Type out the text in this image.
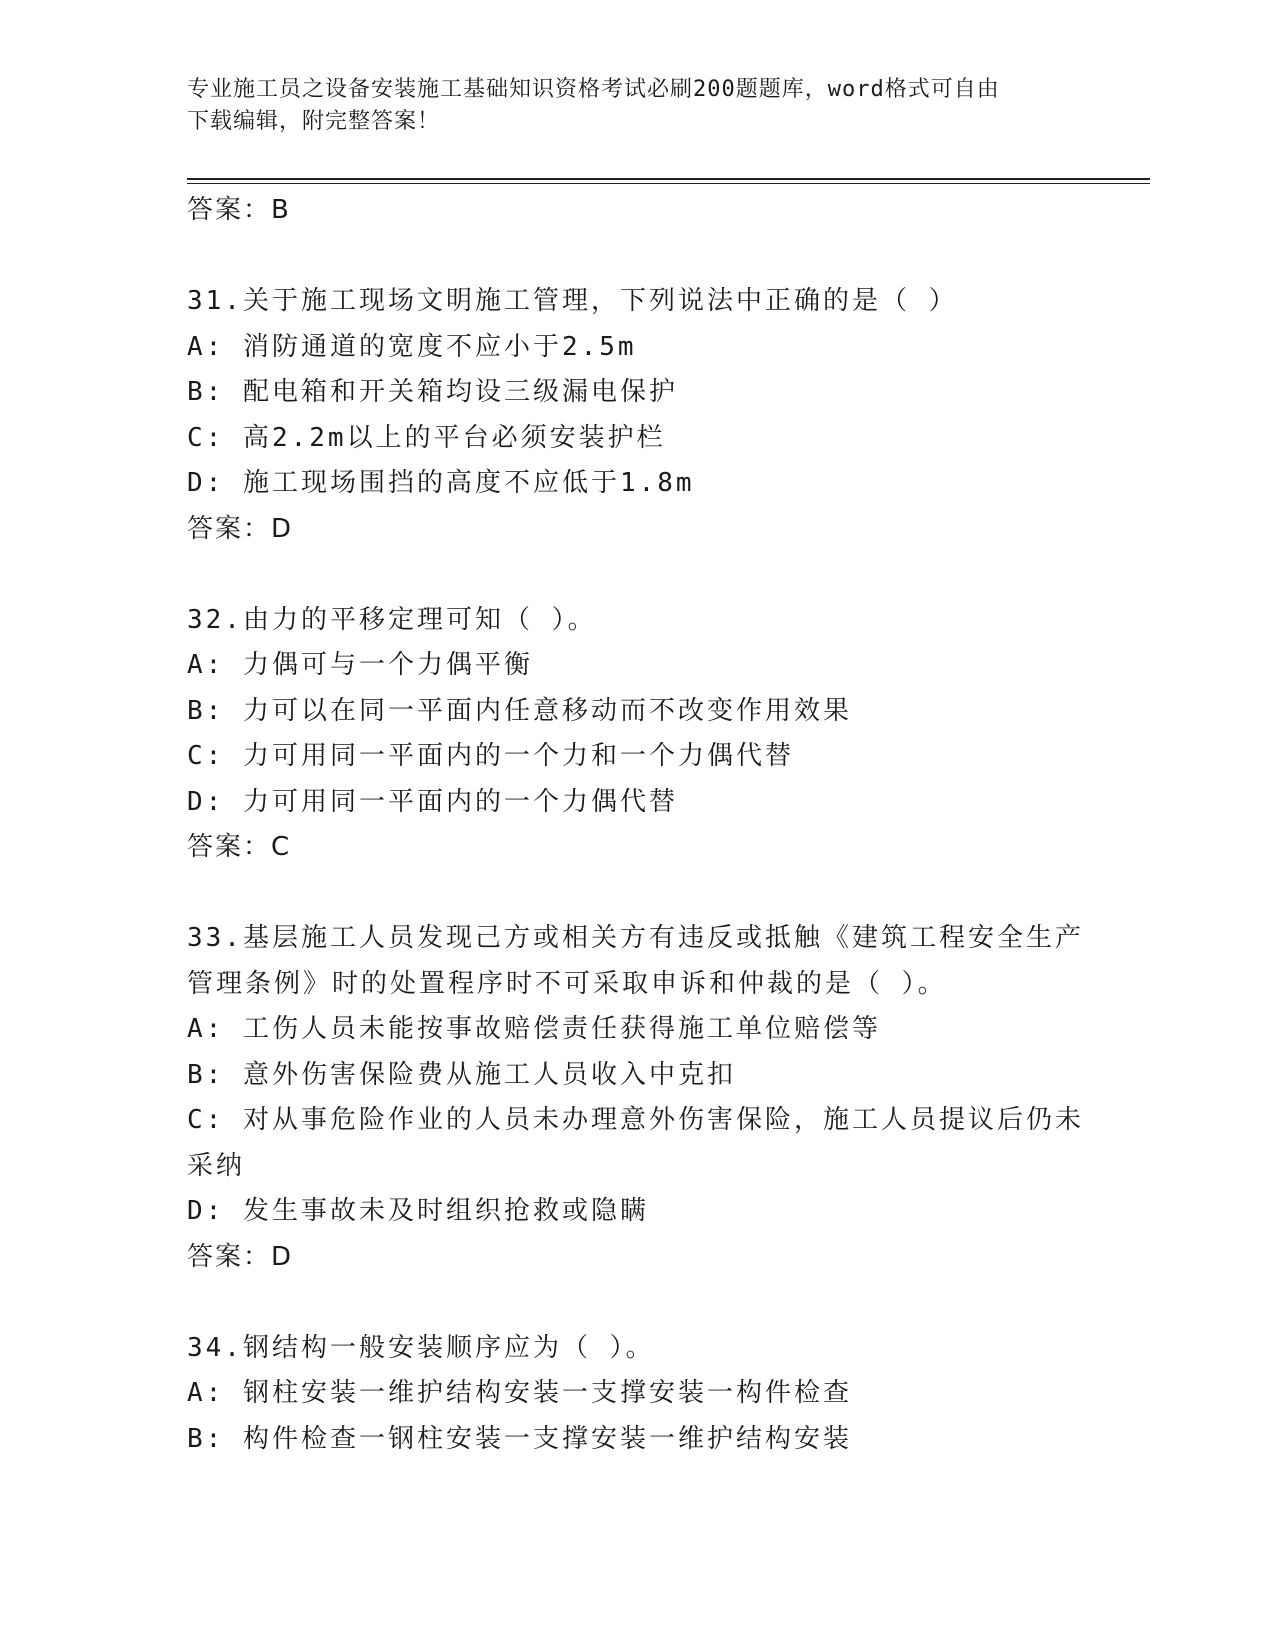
专业施工员之设备安装施工基础知识资格考试必刷200题题库，word格式可自由
下载编辑，附完整答案！
答案：B
31.关于施工现场文明施工管理，下列说法中正确的是（ ）
A: 消防通道的宽度不应小于2.5m
B: 配电箱和开关箱均设三级漏电保护
C: 高2.2m以上的平台必须安装护栏
D: 施工现场围挡的高度不应低于1.8m
答案：D
32.由力的平移定理可知（ ）。
A: 力偶可与一个力偶平衡
B: 力可以在同一平面内任意移动而不改变作用效果
C: 力可用同一平面内的一个力和一个力偶代替
D: 力可用同一平面内的一个力偶代替
答案：C
33.基层施工人员发现己方或相关方有违反或抵触《建筑工程安全生产
管理条例》时的处置程序时不可采取申诉和仲裁的是（ ）。
A: 工伤人员未能按事故赔偿责任获得施工单位赔偿等
B: 意外伤害保险费从施工人员收入中克扣
C: 对从事危险作业的人员未办理意外伤害保险，施工人员提议后仍未
采纳
D: 发生事故未及时组织抢救或隐瞒
答案：D
34.钢结构一般安装顺序应为（ ）。
A: 钢柱安装一维护结构安装一支撑安装一构件检查
B: 构件检查一钢柱安装一支撑安装一维护结构安装
